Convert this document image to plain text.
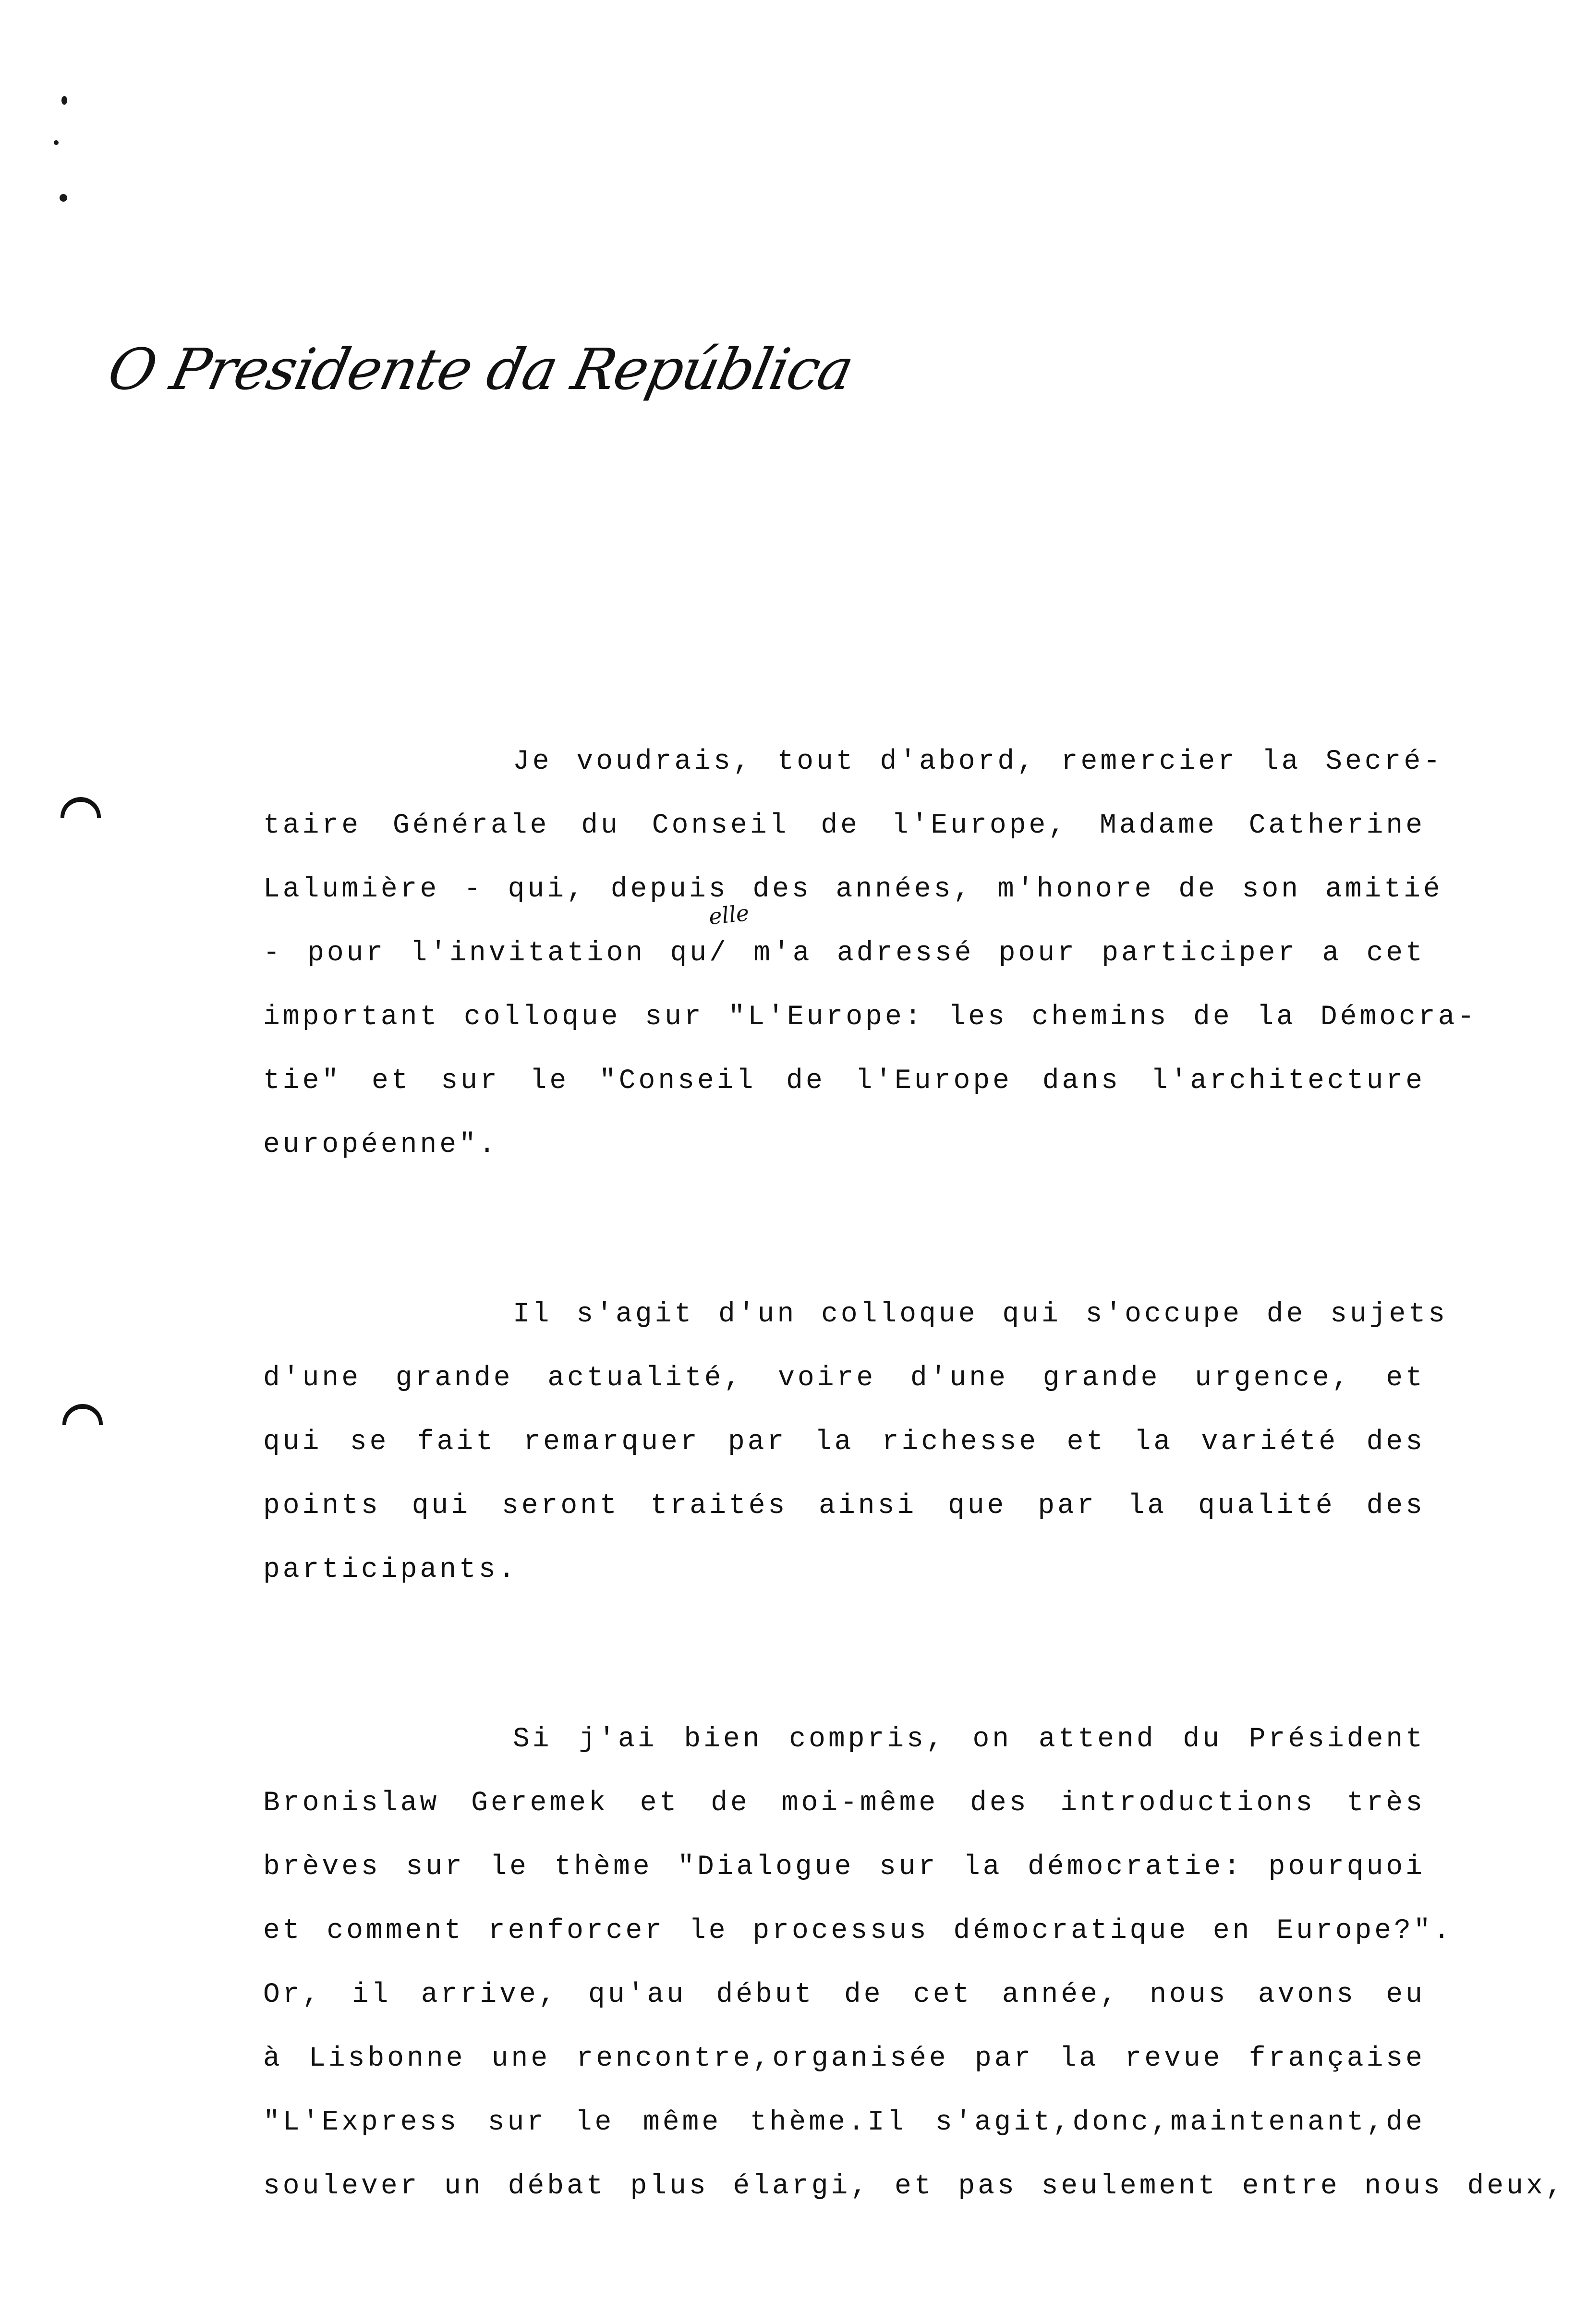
O Presidente da República
elle
Je voudrais, tout d'abord, remercier la Secré-
taire Générale du Conseil de l'Europe, Madame Catherine
Lalumière - qui, depuis des années, m'honore de son amitié
- pour l'invitation qu/ m'a adressé pour participer a cet
important colloque sur "L'Europe: les chemins de la Démocra-
tie" et sur le "Conseil de l'Europe dans l'architecture
européenne".
Il s'agit d'un colloque qui s'occupe de sujets
d'une grande actualité, voire d'une grande urgence, et
qui se fait remarquer par la richesse et la variété des
points qui seront traités ainsi que par la qualité des
participants.
Si j'ai bien compris, on attend du Président
Bronislaw Geremek et de moi-même des introductions très
brèves sur le thème "Dialogue sur la démocratie: pourquoi
et comment renforcer le processus démocratique en Europe?".
Or, il arrive, qu'au début de cet année, nous avons eu
à Lisbonne une rencontre,organisée par la revue française
"L'Express sur le même thème.Il s'agit,donc,maintenant,de
soulever un débat plus élargi, et pas seulement entre nous deux,
